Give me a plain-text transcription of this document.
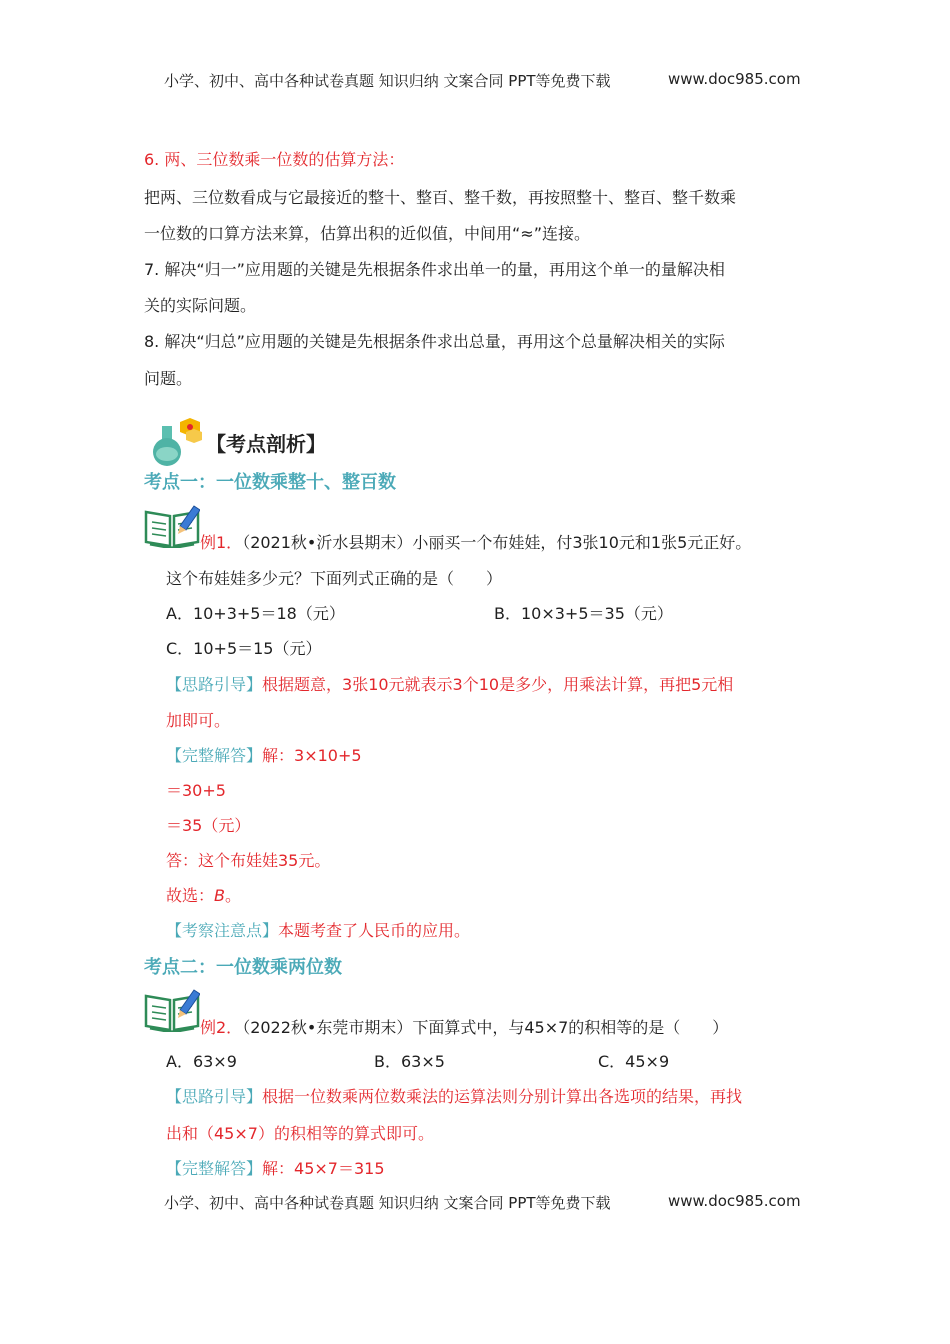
小学、初中、高中各种试卷真题 知识归纳 文案合同 PPT等免费下载	www.doc985.com
6. 两、三位数乘一位数的估算方法：
把两、三位数看成与它最接近的整十、整百、整千数，再按照整十、整百、整千数乘
一位数的口算方法来算，估算出积的近似值，中间用“≈”连接。
7. 解决“归一”应用题的关键是先根据条件求出单一的量，再用这个单一的量解决相
关的实际问题。
8. 解决“归总”应用题的关键是先根据条件求出总量，再用这个总量解决相关的实际
问题。
【考点剖析】
考点一：一位数乘整十、整百数
例1．（2021秋•沂水县期末）小丽买一个布娃娃，付3张10元和1张5元正好。
这个布娃娃多少元？下面列式正确的是（　　）
A．10+3+5＝18（元）	B．10×3+5＝35（元）
C．10+5＝15（元）
【思路引导】根据题意，3张10元就表示3个10是多少，用乘法计算，再把5元相
加即可。
【完整解答】解：3×10+5
＝30+5
＝35（元）
答：这个布娃娃35元。
故选：B。
【考察注意点】本题考查了人民币的应用。
考点二：一位数乘两位数
例2．（2022秋•东莞市期末）下面算式中，与45×7的积相等的是（　　）
A．63×9	B．63×5	C．45×9
【思路引导】根据一位数乘两位数乘法的运算法则分别计算出各选项的结果，再找
出和（45×7）的积相等的算式即可。
【完整解答】解：45×7＝315
小学、初中、高中各种试卷真题 知识归纳 文案合同 PPT等免费下载	www.doc985.com
